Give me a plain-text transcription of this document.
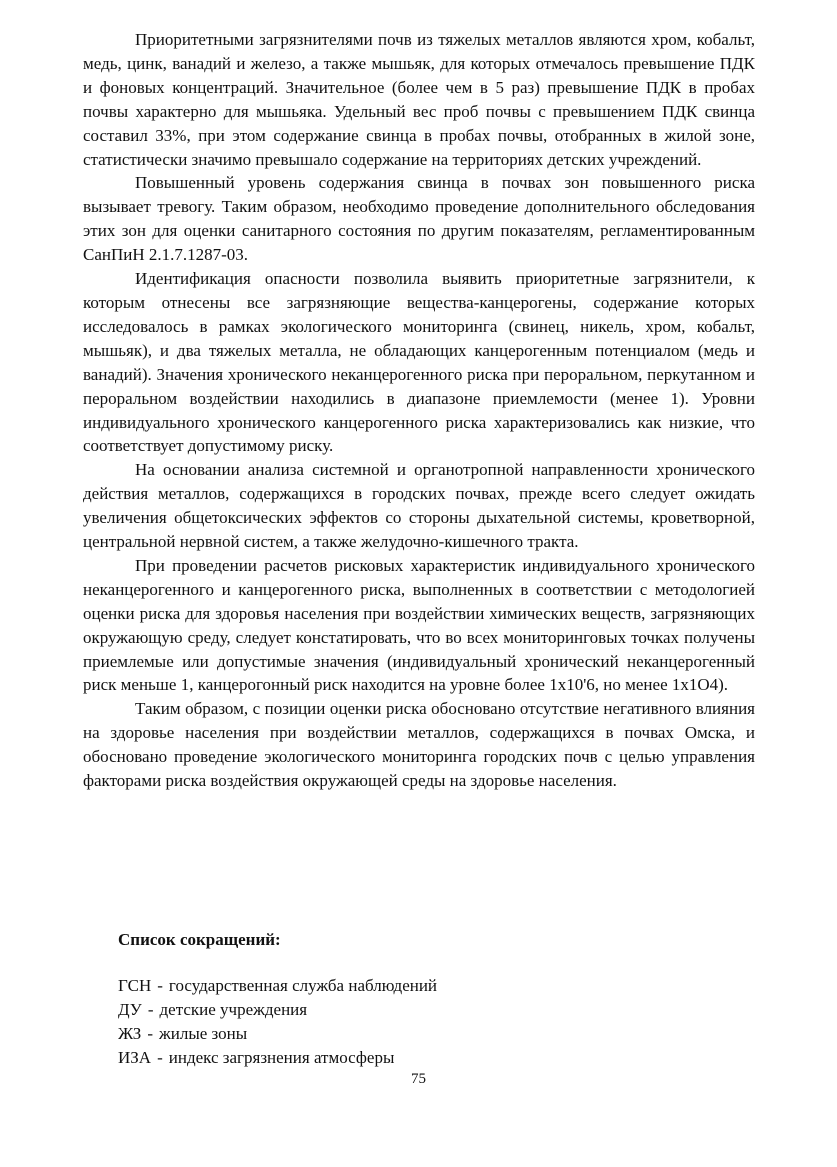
Приоритетными загрязнителями почв из тяжелых металлов являются хром, кобальт, медь, цинк, ванадий и железо, а также мышьяк, для которых отмечалось превышение ПДК и фоновых концентраций. Значительное (более чем в 5 раз) превышение ПДК в пробах почвы характерно для мышьяка. Удельный вес проб почвы с превышением ПДК свинца составил 33%, при этом содержание свинца в пробах почвы, отобранных в жилой зоне, статистически значимо превышало содержание на территориях детских учреждений.

Повышенный уровень содержания свинца в почвах зон повышенного риска вызывает тревогу. Таким образом, необходимо проведение дополнительного обследования этих зон для оценки санитарного состояния по другим показателям, регламентированным СанПиН 2.1.7.1287-03.

Идентификация опасности позволила выявить приоритетные загрязнители, к которым отнесены все загрязняющие вещества-канцерогены, содержание которых исследовалось в рамках экологического мониторинга (свинец, никель, хром, кобальт, мышьяк), и два тяжелых металла, не обладающих канцерогенным потенциалом (медь и ванадий). Значения хронического неканцерогенного риска при пероральном, перкутанном и пероральном воздействии находились в диапазоне приемлемости (менее 1). Уровни индивидуального хронического канцерогенного риска характеризовались как низкие, что соответствует допустимому риску.

На основании анализа системной и органотропной направленности хронического действия металлов, содержащихся в городских почвах, прежде всего следует ожидать увеличения общетоксических эффектов со стороны дыхательной системы, кроветворной, центральной нервной систем, а также желудочно-кишечного тракта.

При проведении расчетов рисковых характеристик индивидуального хронического неканцерогенного и канцерогенного риска, выполненных в соответствии с методологией оценки риска для здоровья населения при воздействии химических веществ, загрязняющих окружающую среду, следует констатировать, что во всех мониторинговых точках получены приемлемые или допустимые значения (индивидуальный хронический неканцерогенный риск меньше 1, канцерогонный риск находится на уровне более 1x10'6, но менее 1x1O4).

Таким образом, с позиции оценки риска обосновано отсутствие негативного влияния на здоровье населения при воздействии металлов, содержащихся в почвах Омска, и обосновано проведение экологического мониторинга городских почв с целью управления факторами риска воздействия окружающей среды на здоровье населения.

Список сокращений:
ГСН - государственная служба наблюдений
ДУ - детские учреждения
ЖЗ - жилые зоны
ИЗА - индекс загрязнения атмосферы
75
